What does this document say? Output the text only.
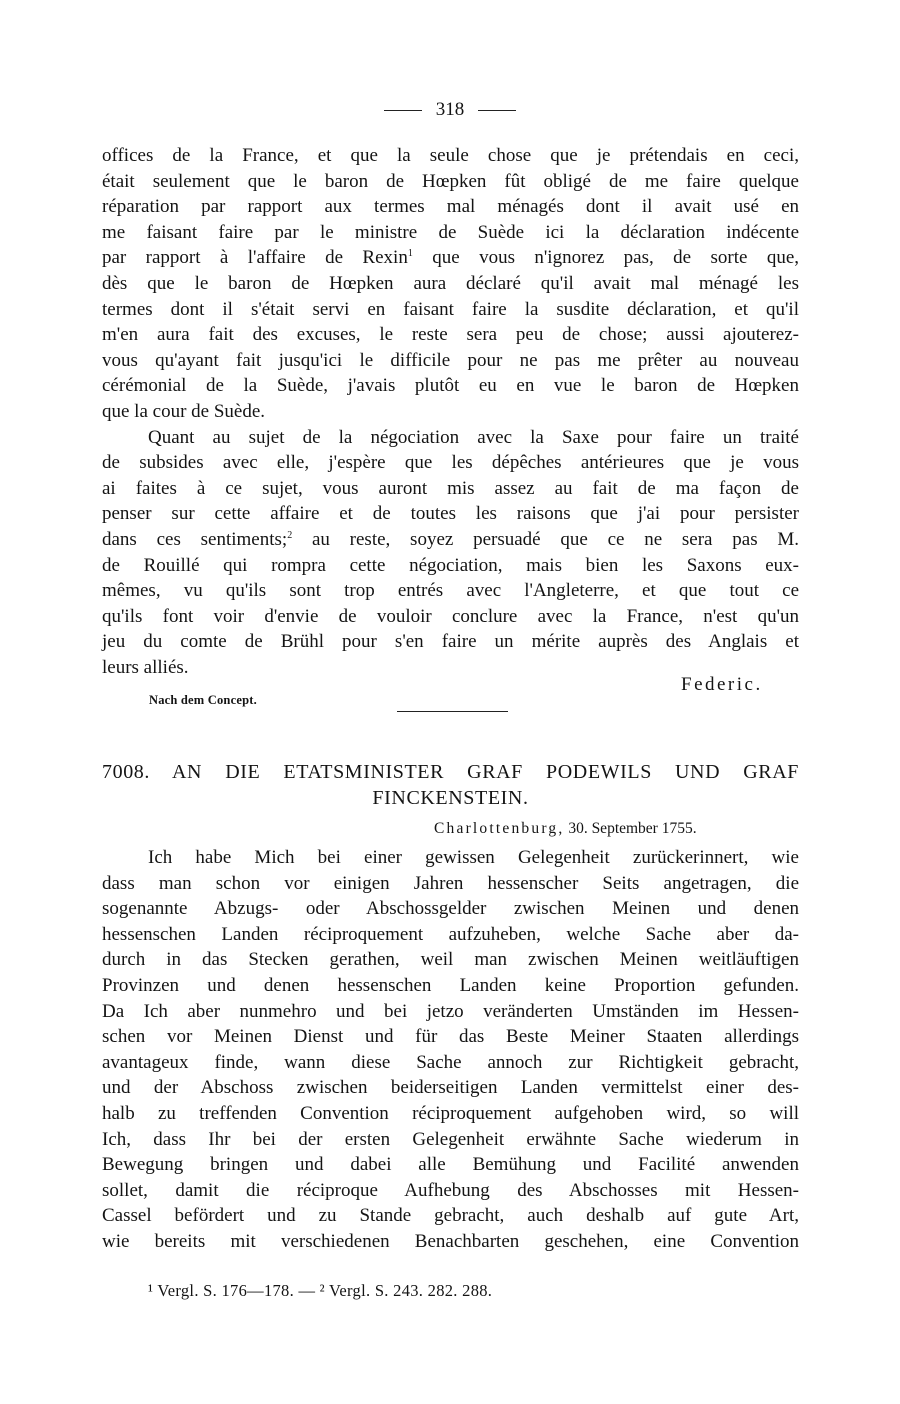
318
offices de la France, et que la seule chose que je prétendais en ceci,
était seulement que le baron de Hœpken fût obligé de me faire quelque
réparation par rapport aux termes mal ménagés dont il avait usé en
me faisant faire par le ministre de Suède ici la déclaration indécente
par rapport à l'affaire de Rexin$^1$ que vous n'ignorez pas, de sorte que,
dès que le baron de Hœpken aura déclaré qu'il avait mal ménagé les
termes dont il s'était servi en faisant faire la susdite déclaration, et qu'il
m'en aura fait des excuses, le reste sera peu de chose; aussi ajouterez-
vous qu'ayant fait jusqu'ici le difficile pour ne pas me prêter au nouveau
cérémonial de la Suède, j'avais plutôt eu en vue le baron de Hœpken
que la cour de Suède.
Quant au sujet de la négociation avec la Saxe pour faire un traité
de subsides avec elle, j'espère que les dépêches antérieures que je vous
ai faites à ce sujet, vous auront mis assez au fait de ma façon de
penser sur cette affaire et de toutes les raisons que j'ai pour persister
dans ces sentiments;$^2$ au reste, soyez persuadé que ce ne sera pas M.
de Rouillé qui rompra cette négociation, mais bien les Saxons eux-
mêmes, vu qu'ils sont trop entrés avec l'Angleterre, et que tout ce
qu'ils font voir d'envie de vouloir conclure avec la France, n'est qu'un
jeu du comte de Brühl pour s'en faire un mérite auprès des Anglais et
leurs alliés.
Federic.
Nach dem Concept.
7008. AN DIE ETATSMINISTER GRAF PODEWILS UND GRAF
FINCKENSTEIN.
Charlottenburg, 30. September 1755.
Ich habe Mich bei einer gewissen Gelegenheit zurückerinnert, wie
dass man schon vor einigen Jahren hessenscher Seits angetragen, die
sogenannte Abzugs- oder Abschossgelder zwischen Meinen und denen
hessenschen Landen réciproquement aufzuheben, welche Sache aber da-
durch in das Stecken gerathen, weil man zwischen Meinen weitläuftigen
Provinzen und denen hessenschen Landen keine Proportion gefunden.
Da Ich aber nunmehro und bei jetzo veränderten Umständen im Hessen-
schen vor Meinen Dienst und für das Beste Meiner Staaten allerdings
avantageux finde, wann diese Sache annoch zur Richtigkeit gebracht,
und der Abschoss zwischen beiderseitigen Landen vermittelst einer des-
halb zu treffenden Convention réciproquement aufgehoben wird, so will
Ich, dass Ihr bei der ersten Gelegenheit erwähnte Sache wiederum in
Bewegung bringen und dabei alle Bemühung und Facilité anwenden
sollet, damit die réciproque Aufhebung des Abschosses mit Hessen-
Cassel befördert und zu Stande gebracht, auch deshalb auf gute Art,
wie bereits mit verschiedenen Benachbarten geschehen, eine Convention
¹ Vergl. S. 176—178. — ² Vergl. S. 243. 282. 288.
